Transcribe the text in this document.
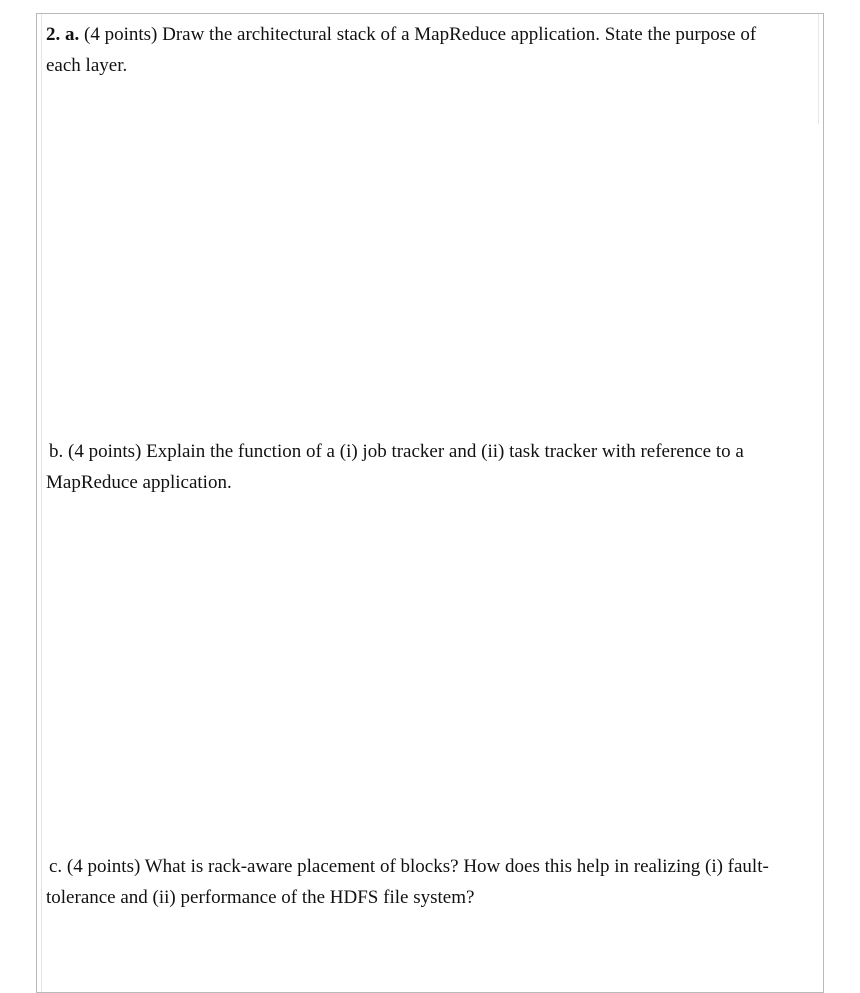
2. a. (4 points) Draw the architectural stack of a MapReduce application. State the purpose of
each layer.
b. (4 points) Explain the function of a (i) job tracker and (ii) task tracker with reference to a
MapReduce application.
c. (4 points) What is rack-aware placement of blocks? How does this help in realizing (i) fault-
tolerance and (ii) performance of the HDFS file system?
